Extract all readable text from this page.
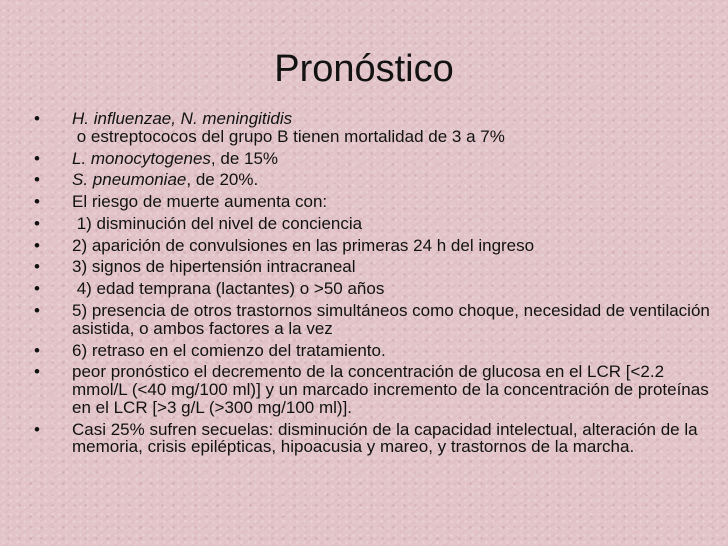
Pronóstico
• H. influenzae, N. meningitidis o estreptococos del grupo B tienen mortalidad de 3 a 7%
• L. monocytogenes, de 15%
• S. pneumoniae, de 20%.
• El riesgo de muerte aumenta con:
• 1) disminución del nivel de conciencia
• 2) aparición de convulsiones en las primeras 24 h del ingreso
• 3) signos de hipertensión intracraneal
• 4) edad temprana (lactantes) o >50 años
• 5) presencia de otros trastornos simultáneos como choque, necesidad de ventilación asistida, o ambos factores a la vez
• 6) retraso en el comienzo del tratamiento.
• peor pronóstico el decremento de la concentración de glucosa en el LCR [<2.2 mmol/L (<40 mg/100 ml)] y un marcado incremento de la concentración de proteínas en el LCR [>3 g/L (>300 mg/100 ml)].
• Casi 25% sufren secuelas: disminución de la capacidad intelectual, alteración de la memoria, crisis epilépticas, hipoacusia y mareo, y trastornos de la marcha.
